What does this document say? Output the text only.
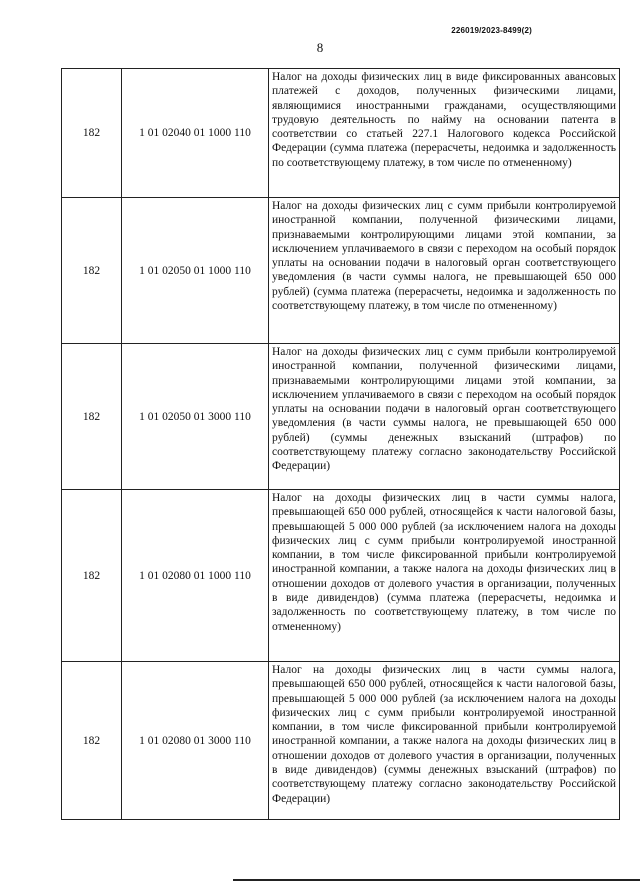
226019/2023-8499(2)
8
182	1 01 02040 01 1000 110	Налог на доходы физических лиц в виде фиксированных авансовых платежей с доходов, полученных физическими лицами, являющимися иностранными гражданами, осуществляющими трудовую деятельность по найму на основании патента в соответствии со статьей 227.1 Налогового кодекса Российской Федерации (сумма платежа (перерасчеты, недоимка и задолженность по соответствующему платежу, в том числе по отмененному)
182	1 01 02050 01 1000 110	Налог на доходы физических лиц с сумм прибыли контролируемой иностранной компании, полученной физическими лицами, признаваемыми контролирующими лицами этой компании, за исключением уплачиваемого в связи с переходом на особый порядок уплаты на основании подачи в налоговый орган соответствующего уведомления (в части суммы налога, не превышающей 650 000 рублей) (сумма платежа (перерасчеты, недоимка и задолженность по соответствующему платежу, в том числе по отмененному)
182	1 01 02050 01 3000 110	Налог на доходы физических лиц с сумм прибыли контролируемой иностранной компании, полученной физическими лицами, признаваемыми контролирующими лицами этой компании, за исключением уплачиваемого в связи с переходом на особый порядок уплаты на основании подачи в налоговый орган соответствующего уведомления (в части суммы налога, не превышающей 650 000 рублей) (суммы денежных взысканий (штрафов) по соответствующему платежу согласно законодательству Российской Федерации)
182	1 01 02080 01 1000 110	Налог на доходы физических лиц в части суммы налога, превышающей 650 000 рублей, относящейся к части налоговой базы, превышающей 5 000 000 рублей (за исключением налога на доходы физических лиц с сумм прибыли контролируемой иностранной компании, в том числе фиксированной прибыли контролируемой иностранной компании, а также налога на доходы физических лиц в отношении доходов от долевого участия в организации, полученных в виде дивидендов) (сумма платежа (перерасчеты, недоимка и задолженность по соответствующему платежу, в том числе по отмененному)
182	1 01 02080 01 3000 110	Налог на доходы физических лиц в части суммы налога, превышающей 650 000 рублей, относящейся к части налоговой базы, превышающей 5 000 000 рублей (за исключением налога на доходы физических лиц с сумм прибыли контролируемой иностранной компании, в том числе фиксированной прибыли контролируемой иностранной компании, а также налога на доходы физических лиц в отношении доходов от долевого участия в организации, полученных в виде дивидендов) (суммы денежных взысканий (штрафов) по соответствующему платежу согласно законодательству Российской Федерации)
